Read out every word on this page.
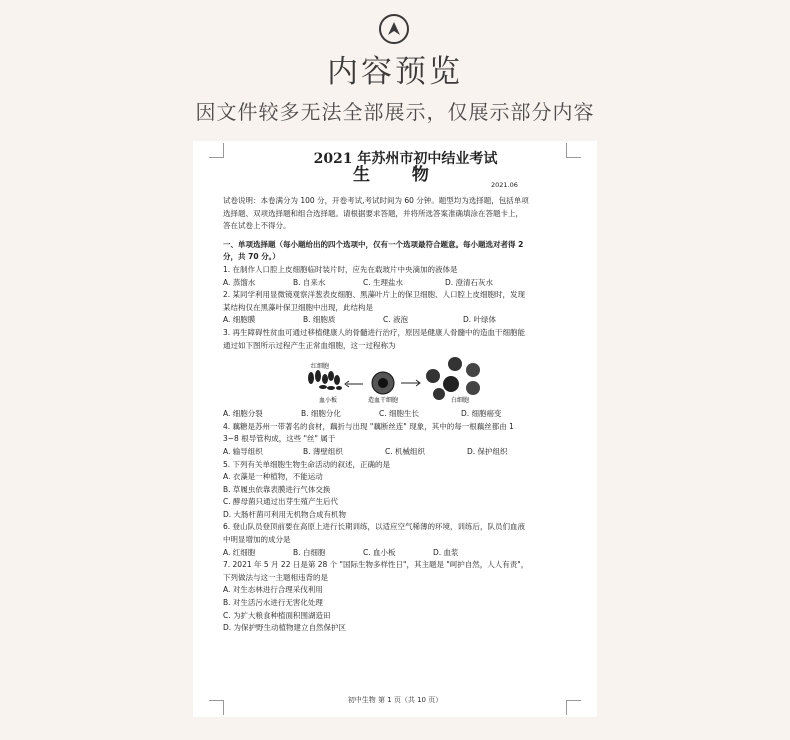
内容预览
因文件较多无法全部展示，仅展示部分内容
2021 年苏州市初中结业考试
生 物	2021.06
试卷说明：本卷满分为 100 分，开卷考试,考试时间为 60 分钟。题型均为选择题，包括单项
选择题、双项选择题和组合选择题。请根据要求答题，并将所选答案准确填涂在答题卡上，
答在试卷上不得分。
一、单项选择题（每小题给出的四个选项中，仅有一个选项最符合题意。每小题选对者得 2
分，共 70 分。）
1. 在制作人口腔上皮细胞临时装片时，应先在载玻片中央滴加的液体是
A. 蒸馏水	B. 自来水	C. 生理盐水	D. 澄清石灰水
2. 某同学利用显微镜观察洋葱表皮细胞、黑藻叶片上的保卫细胞、人口腔上皮细胞时，发现
某结构仅在黑藻叶保卫细胞中出现，此结构是
A. 细胞膜	B. 细胞质	C. 液泡	D. 叶绿体
3. 再生障碍性贫血可通过移植健康人的骨髓进行治疗，原因是健康人骨髓中的造血干细胞能
通过如下图所示过程产生正常血细胞，这一过程称为
红细胞
血小板	造血干细胞	白细胞
A. 细胞分裂	B. 细胞分化	C. 细胞生长	D. 细胞癌变
4. 藕糖是苏州一带著名的食材，藕折与出现 "藕断丝连" 现象，其中的每一根藕丝都由 1
3~8 根导管构成，这些 "丝" 属于
A. 输导组织	B. 薄壁组织	C. 机械组织	D. 保护组织
5. 下列有关单细胞生物生命活动的叙述，正确的是
A. 衣藻是一种植物，不能运动
B. 草履虫依靠表膜进行气体交换
C. 酵母菌只通过出芽生殖产生后代
D. 大肠杆菌可利用无机物合成有机物
6. 登山队员登顶前要在高原上进行长期训练，以适应空气稀薄的环境，训练后，队员们血液
中明显增加的成分是
A. 红细胞	B. 白细胞	C. 血小板	D. 血浆
7. 2021 年 5 月 22 日是第 28 个 "国际生物多样性日"，其主题是 "呵护自然，人人有责"，
下列做法与这一主题相违背的是
A. 对生态林进行合理采伐利用
B. 对生活污水进行无害化处理
C. 为扩大粮食种植面积围湖造田
D. 为保护野生动植物建立自然保护区
初中生物 第 1 页（共 10 页）
